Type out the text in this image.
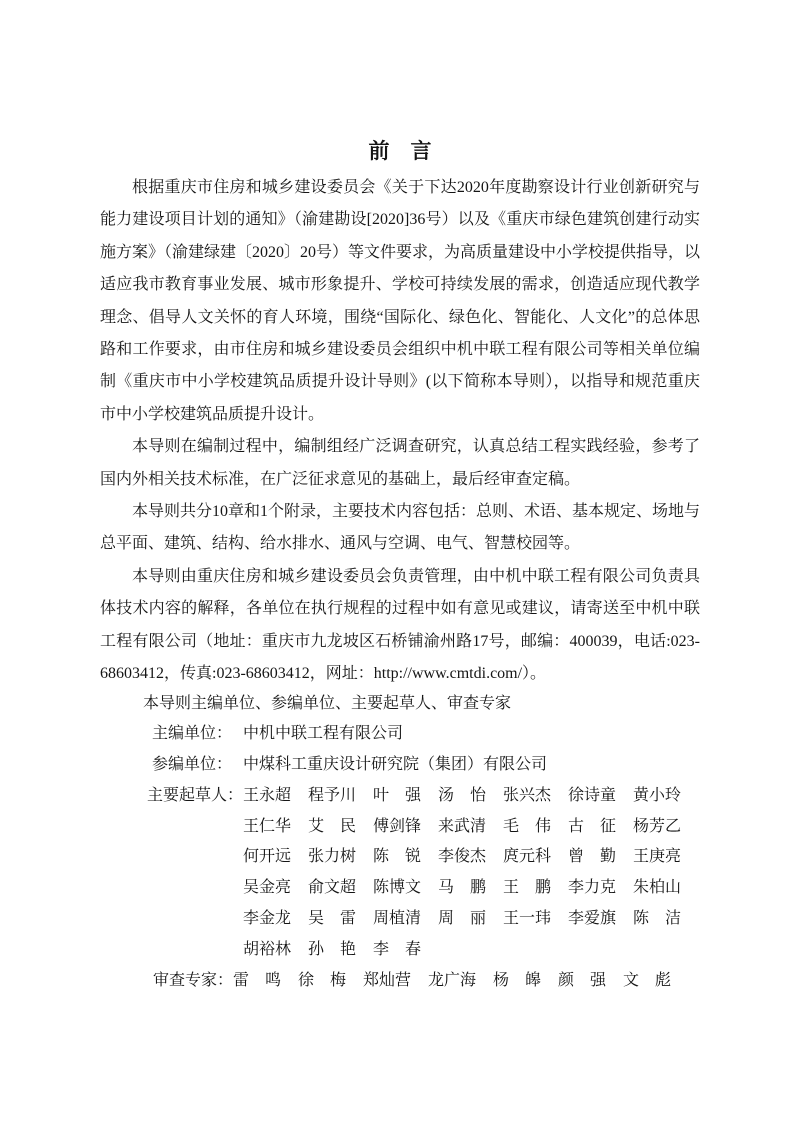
前　言

根据重庆市住房和城乡建设委员会《关于下达2020年度勘察设计行业创新研究与能力建设项目计划的通知》（渝建勘设[2020]36号）以及《重庆市绿色建筑创建行动实施方案》（渝建绿建〔2020〕20号）等文件要求，为高质量建设中小学校提供指导，以适应我市教育事业发展、城市形象提升、学校可持续发展的需求，创造适应现代教学理念、倡导人文关怀的育人环境，围绕“国际化、绿色化、智能化、人文化”的总体思路和工作要求，由市住房和城乡建设委员会组织中机中联工程有限公司等相关单位编制《重庆市中小学校建筑品质提升设计导则》(以下简称本导则），以指导和规范重庆市中小学校建筑品质提升设计。

本导则在编制过程中，编制组经广泛调查研究，认真总结工程实践经验，参考了国内外相关技术标准，在广泛征求意见的基础上，最后经审查定稿。

本导则共分10章和1个附录，主要技术内容包括：总则、术语、基本规定、场地与总平面、建筑、结构、给水排水、通风与空调、电气、智慧校园等。

本导则由重庆住房和城乡建设委员会负责管理，由中机中联工程有限公司负责具体技术内容的解释，各单位在执行规程的过程中如有意见或建议，请寄送至中机中联工程有限公司（地址：重庆市九龙坡区石桥铺渝州路17号，邮编：400039，电话:023-68603412，传真:023-68603412，网址：http://www.cmtdi.com/）。

本导则主编单位、参编单位、主要起草人、审查专家

主编单位： 中机中联工程有限公司
参编单位： 中煤科工重庆设计研究院（集团）有限公司
主要起草人：王永超 程予川 叶　强 汤　怡 张兴杰 徐诗童 黄小玲
王仁华 艾　民 傅剑锋 来武清 毛　伟 古　征 杨芳乙
何开远 张力树 陈　锐 李俊杰 庹元科 曾　勤 王庚亮
吴金亮 俞文超 陈博文 马　鹏 王　鹏 李力克 朱柏山
李金龙 吴　雷 周植清 周　丽 王一玮 李爱旗 陈　洁
胡裕林 孙　艳 李　春
审查专家：雷　鸣 徐　梅 郑灿营 龙广海 杨　皞 颜　强 文　彪
